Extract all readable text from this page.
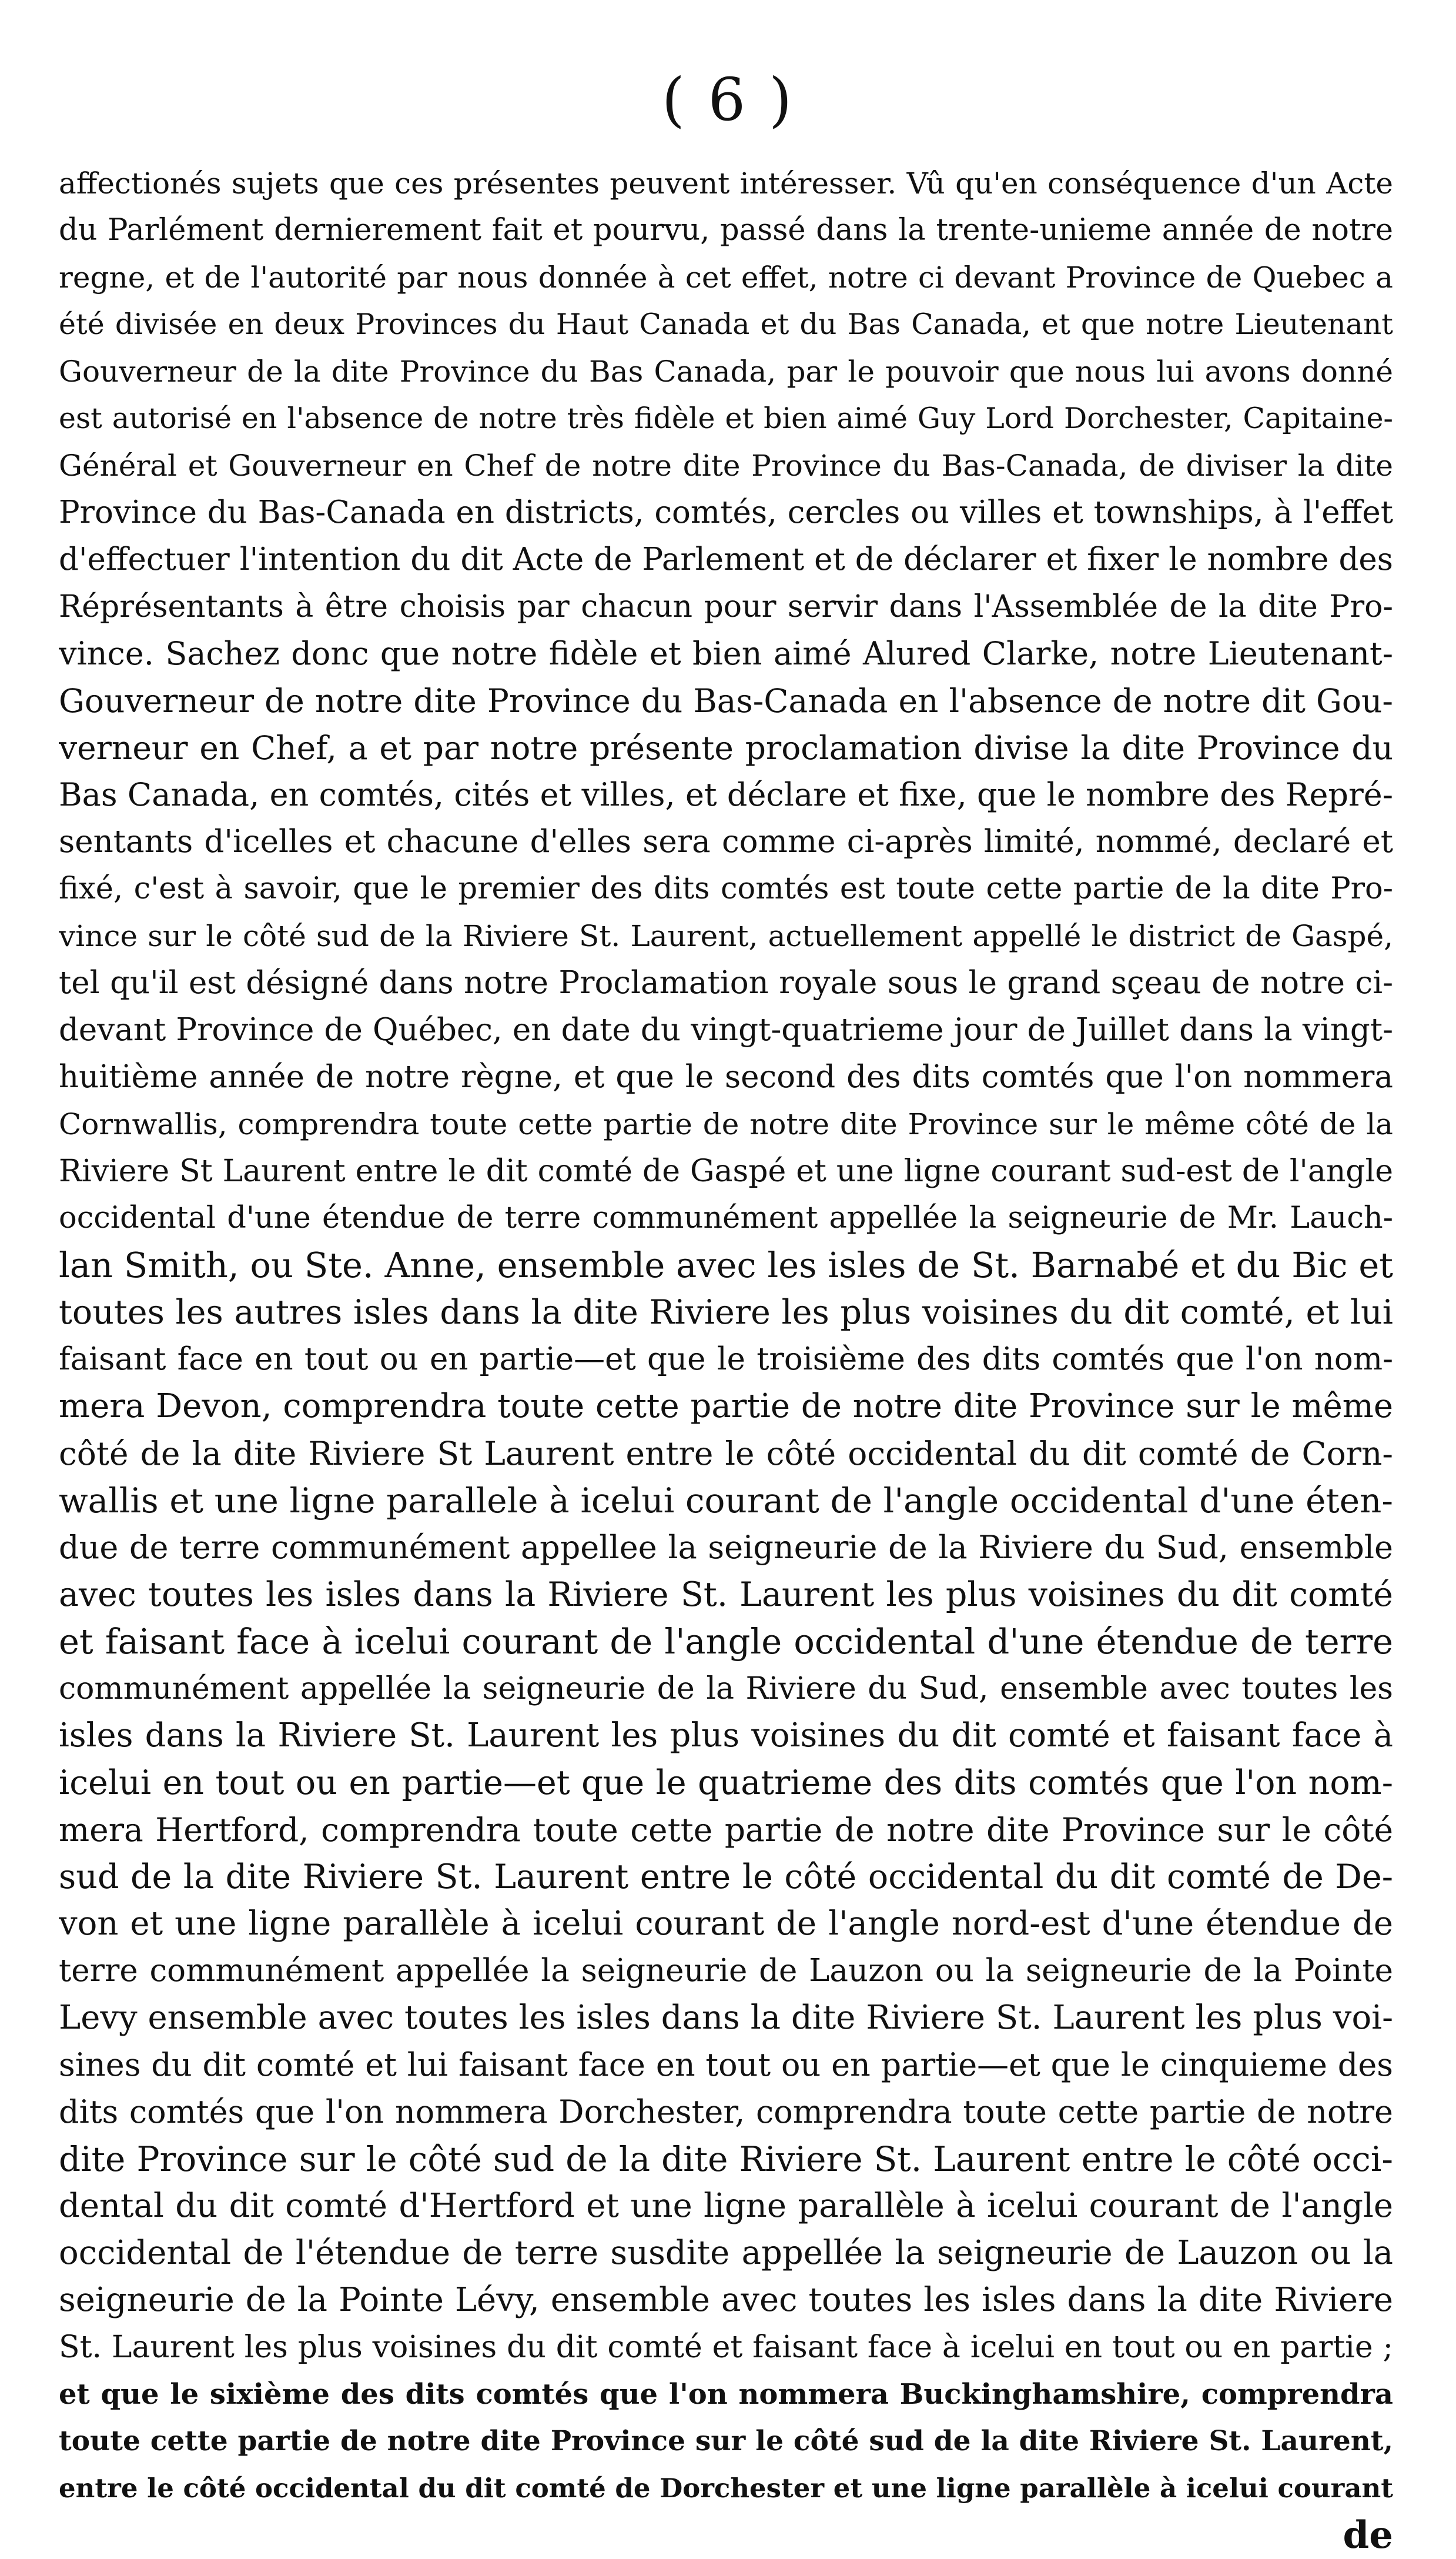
( 6 )
affectionés sujets que ces présentes peuvent intéresser. Vû qu'en conséquence d'un Acte
du Parlément dernierement fait et pourvu, passé dans la trente-unieme année de notre
regne, et de l'autorité par nous donnée à cet effet, notre ci devant Province de Quebec a
été divisée en deux Provinces du Haut Canada et du Bas Canada, et que notre Lieutenant
Gouverneur de la dite Province du Bas Canada, par le pouvoir que nous lui avons donné
est autorisé en l'absence de notre très fidèle et bien aimé Guy Lord Dorchester, Capitaine-
Général et Gouverneur en Chef de notre dite Province du Bas-Canada, de diviser la dite
Province du Bas-Canada en districts, comtés, cercles ou villes et townships, à l'effet
d'effectuer l'intention du dit Acte de Parlement et de déclarer et fixer le nombre des
Réprésentants à être choisis par chacun pour servir dans l'Assemblée de la dite Pro-
vince. Sachez donc que notre fidèle et bien aimé Alured Clarke, notre Lieutenant-
Gouverneur de notre dite Province du Bas-Canada en l'absence de notre dit Gou-
verneur en Chef, a et par notre présente proclamation divise la dite Province du
Bas Canada, en comtés, cités et villes, et déclare et fixe, que le nombre des Repré-
sentants d'icelles et chacune d'elles sera comme ci-après limité, nommé, declaré et
fixé, c'est à savoir, que le premier des dits comtés est toute cette partie de la dite Pro-
vince sur le côté sud de la Riviere St. Laurent, actuellement appellé le district de Gaspé,
tel qu'il est désigné dans notre Proclamation royale sous le grand sçeau de notre ci-
devant Province de Québec, en date du vingt-quatrieme jour de Juillet dans la vingt-
huitième année de notre règne, et que le second des dits comtés que l'on nommera
Cornwallis, comprendra toute cette partie de notre dite Province sur le même côté de la
Riviere St Laurent entre le dit comté de Gaspé et une ligne courant sud-est de l'angle
occidental d'une étendue de terre communément appellée la seigneurie de Mr. Lauch-
lan Smith, ou Ste. Anne, ensemble avec les isles de St. Barnabé et du Bic et
toutes les autres isles dans la dite Riviere les plus voisines du dit comté, et lui
faisant face en tout ou en partie—et que le troisième des dits comtés que l'on nom-
mera Devon, comprendra toute cette partie de notre dite Province sur le même
côté de la dite Riviere St Laurent entre le côté occidental du dit comté de Corn-
wallis et une ligne parallele à icelui courant de l'angle occidental d'une éten-
due de terre communément appellee la seigneurie de la Riviere du Sud, ensemble
avec toutes les isles dans la Riviere St. Laurent les plus voisines du dit comté
et faisant face à icelui courant de l'angle occidental d'une étendue de terre
communément appellée la seigneurie de la Riviere du Sud, ensemble avec toutes les
isles dans la Riviere St. Laurent les plus voisines du dit comté et faisant face à
icelui en tout ou en partie—et que le quatrieme des dits comtés que l'on nom-
mera Hertford, comprendra toute cette partie de notre dite Province sur le côté
sud de la dite Riviere St. Laurent entre le côté occidental du dit comté de De-
von et une ligne parallèle à icelui courant de l'angle nord-est d'une étendue de
terre communément appellée la seigneurie de Lauzon ou la seigneurie de la Pointe
Levy ensemble avec toutes les isles dans la dite Riviere St. Laurent les plus voi-
sines du dit comté et lui faisant face en tout ou en partie—et que le cinquieme des
dits comtés que l'on nommera Dorchester, comprendra toute cette partie de notre
dite Province sur le côté sud de la dite Riviere St. Laurent entre le côté occi-
dental du dit comté d'Hertford et une ligne parallèle à icelui courant de l'angle
occidental de l'étendue de terre susdite appellée la seigneurie de Lauzon ou la
seigneurie de la Pointe Lévy, ensemble avec toutes les isles dans la dite Riviere
St. Laurent les plus voisines du dit comté et faisant face à icelui en tout ou en partie ;
et que le sixième des dits comtés que l'on nommera Buckinghamshire, comprendra
toute cette partie de notre dite Province sur le côté sud de la dite Riviere St. Laurent,
entre le côté occidental du dit comté de Dorchester et une ligne parallèle à icelui courant
de
